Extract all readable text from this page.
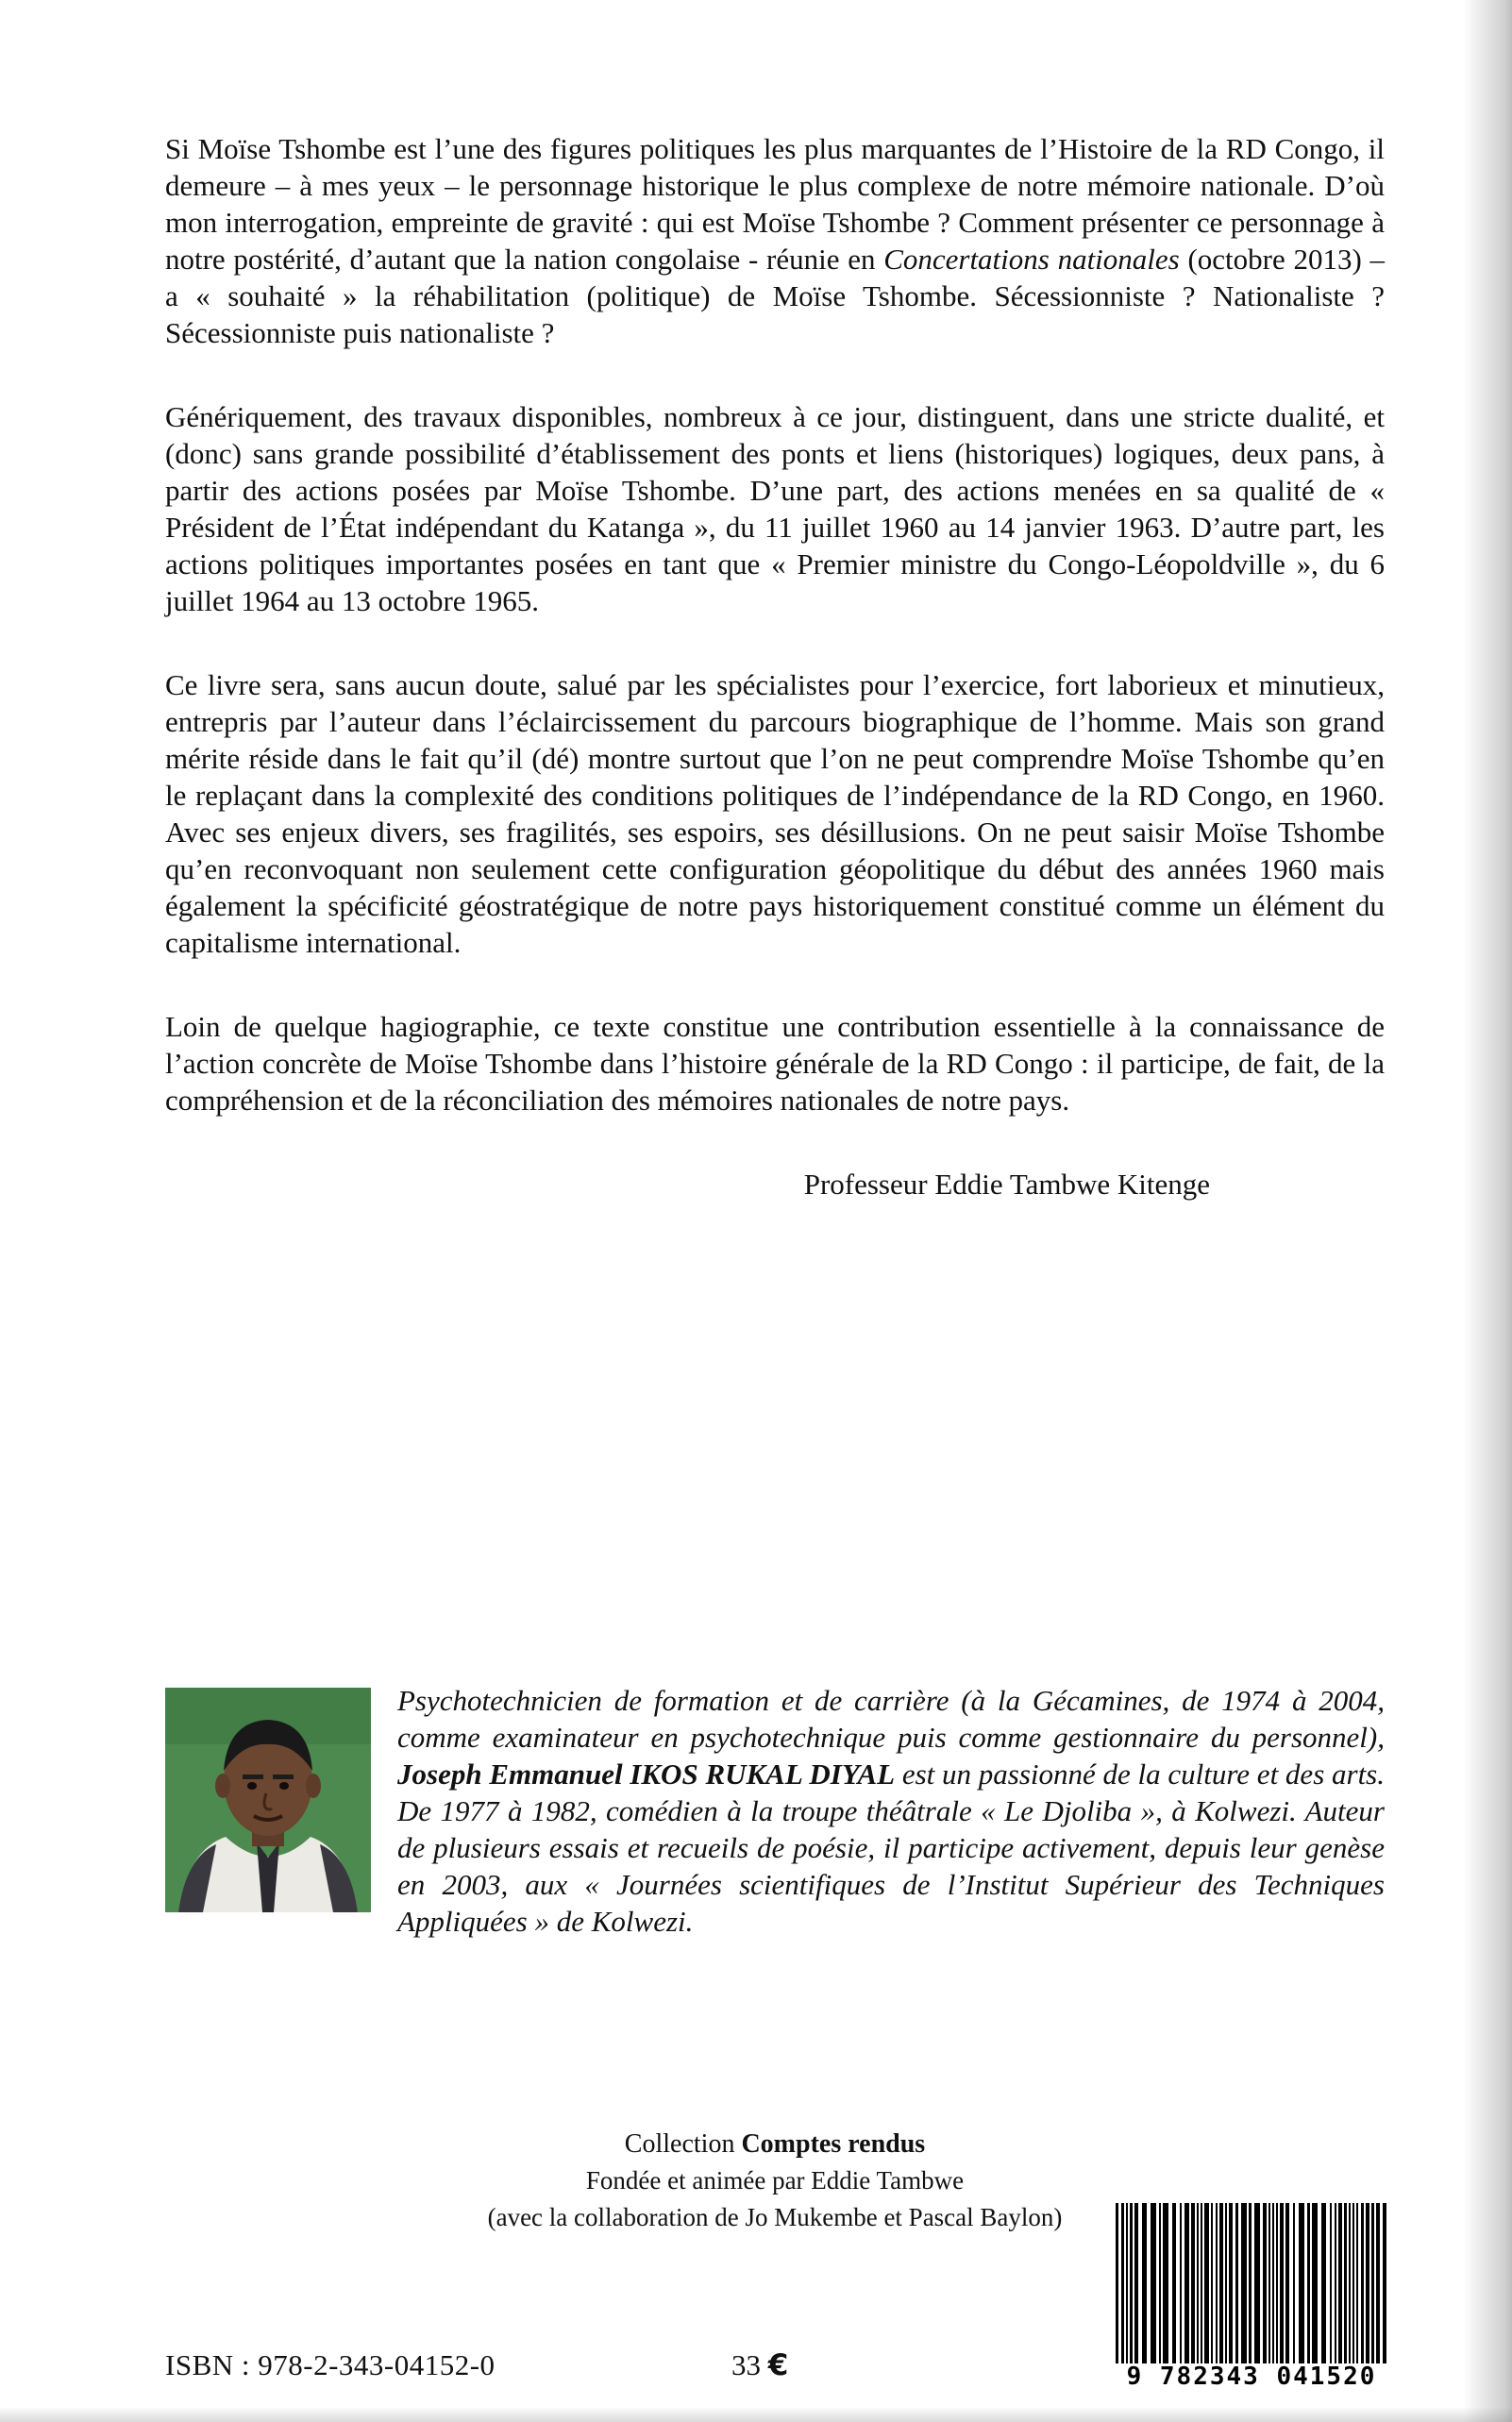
Si Moïse Tshombe est l’une des figures politiques les plus marquantes de l’Histoire de la RD Congo, il demeure – à mes yeux – le personnage historique le plus complexe de notre mémoire nationale. D’où mon interrogation, empreinte de gravité : qui est Moïse Tshombe ? Comment présenter ce personnage à notre postérité, d’autant que la nation congolaise - réunie en Concertations nationales (octobre 2013) – a « souhaité » la réhabilitation (politique) de Moïse Tshombe. Sécessionniste ? Nationaliste ? Sécessionniste puis nationaliste ?

Génériquement, des travaux disponibles, nombreux à ce jour, distinguent, dans une stricte dualité, et (donc) sans grande possibilité d’établissement des ponts et liens (historiques) logiques, deux pans, à partir des actions posées par Moïse Tshombe. D’une part, des actions menées en sa qualité de « Président de l’État indépendant du Katanga », du 11 juillet 1960 au 14 janvier 1963. D’autre part, les actions politiques importantes posées en tant que « Premier ministre du Congo-Léopoldville », du 6 juillet 1964 au 13 octobre 1965.

Ce livre sera, sans aucun doute, salué par les spécialistes pour l’exercice, fort laborieux et minutieux, entrepris par l’auteur dans l’éclaircissement du parcours biographique de l’homme. Mais son grand mérite réside dans le fait qu’il (dé) montre surtout que l’on ne peut comprendre Moïse Tshombe qu’en le replaçant dans la complexité des conditions politiques de l’indépendance de la RD Congo, en 1960. Avec ses enjeux divers, ses fragilités, ses espoirs, ses désillusions. On ne peut saisir Moïse Tshombe qu’en reconvoquant non seulement cette configuration géopolitique du début des années 1960 mais également la spécificité géostratégique de notre pays historiquement constitué comme un élément du capitalisme international.

Loin de quelque hagiographie, ce texte constitue une contribution essentielle à la connaissance de l’action concrète de Moïse Tshombe dans l’histoire générale de la RD Congo : il participe, de fait, de la compréhension et de la réconciliation des mémoires nationales de notre pays.

Professeur Eddie Tambwe Kitenge

Psychotechnicien de formation et de carrière (à la Gécamines, de 1974 à 2004, comme examinateur en psychotechnique puis comme gestionnaire du personnel), Joseph Emmanuel IKOS RUKAL DIYAL est un passionné de la culture et des arts. De 1977 à 1982, comédien à la troupe théâtrale « Le Djoliba », à Kolwezi. Auteur de plusieurs essais et recueils de poésie, il participe activement, depuis leur genèse en 2003, aux « Journées scientifiques de l’Institut Supérieur des Techniques Appliquées » de Kolwezi.

Collection Comptes rendus

Fondée et animée par Eddie Tambwe

(avec la collaboration de Jo Mukembe et Pascal Baylon)

ISBN : 978-2-343-04152-0	33 €	9 782343 041520
